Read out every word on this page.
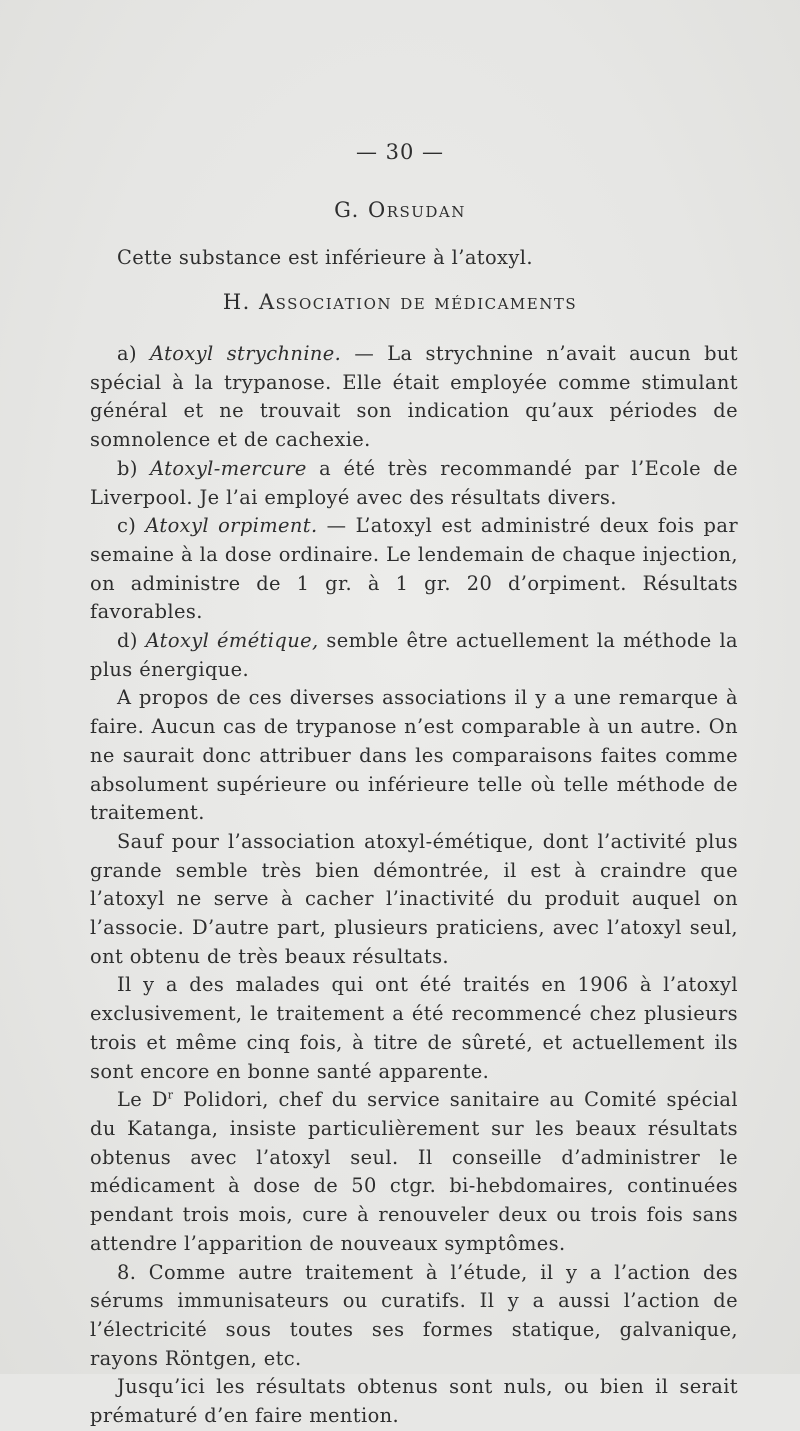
— 30 —
G. Orsudan

Cette substance est inférieure à l’atoxyl.

H. Association de médicaments

a) Atoxyl strychnine. — La strychnine n’avait aucun but spécial à la trypanose. Elle était employée comme stimulant général et ne trouvait son indication qu’aux périodes de somnolence et de cachexie.

b) Atoxyl-mercure a été très recommandé par l’Ecole de Liverpool. Je l’ai employé avec des résultats divers.

c) Atoxyl orpiment. — L’atoxyl est administré deux fois par semaine à la dose ordinaire. Le lendemain de chaque injection, on administre de 1 gr. à 1 gr. 20 d’orpiment. Résultats favorables.

d) Atoxyl émétique, semble être actuellement la méthode la plus énergique.

A propos de ces diverses associations il y a une remarque à faire. Aucun cas de trypanose n’est comparable à un autre. On ne saurait donc attribuer dans les comparaisons faites comme absolument supérieure ou inférieure telle où telle méthode de traitement.

Sauf pour l’association atoxyl-émétique, dont l’activité plus grande semble très bien démontrée, il est à craindre que l’atoxyl ne serve à cacher l’inactivité du produit auquel on l’associe. D’autre part, plusieurs praticiens, avec l’atoxyl seul, ont obtenu de très beaux résultats.

Il y a des malades qui ont été traités en 1906 à l’atoxyl exclusivement, le traitement a été recommencé chez plusieurs trois et même cinq fois, à titre de sûreté, et actuellement ils sont encore en bonne santé apparente.

Le $D^r$ Polidori, chef du service sanitaire au Comité spécial du Katanga, insiste particulièrement sur les beaux résultats obtenus avec l’atoxyl seul. Il conseille d’administrer le médicament à dose de 50 ctgr. bi-hebdomaires, continuées pendant trois mois, cure à renouveler deux ou trois fois sans attendre l’apparition de nouveaux symptômes.

8. Comme autre traitement à l’étude, il y a l’action des sérums immunisateurs ou curatifs. Il y a aussi l’action de l’électricité sous toutes ses formes statique, galvanique, rayons Röntgen, etc.

Jusqu’ici les résultats obtenus sont nuls, ou bien il serait prématuré d’en faire mention.
